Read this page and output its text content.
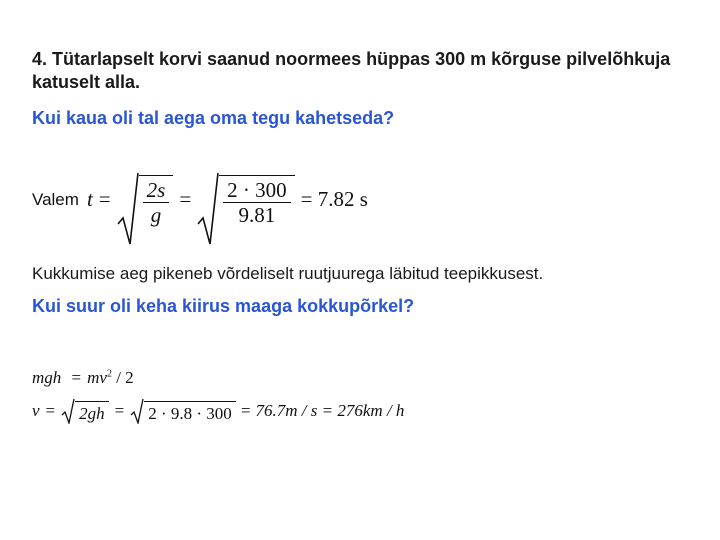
4. Tütarlapselt korvi saanud noormees hüppas 300 m kõrguse pilvelõhkuja
katuselt alla.
Kui kaua oli tal aega oma tegu kahetseda?
Valem $t = \frac{2s}{g} = \frac{2 \cdot 300}{9.81} = 7.82$ s
Kukkumise aeg pikeneb võrdeliselt ruutjuurega läbitud teepikkusest.
Kui suur oli keha kiirus maaga kokkupõrkel?
mgh = $mv^2 / 2$
v =	2gh =	2 · 9.8 · 300 = 76.7m / s = 276km / h
